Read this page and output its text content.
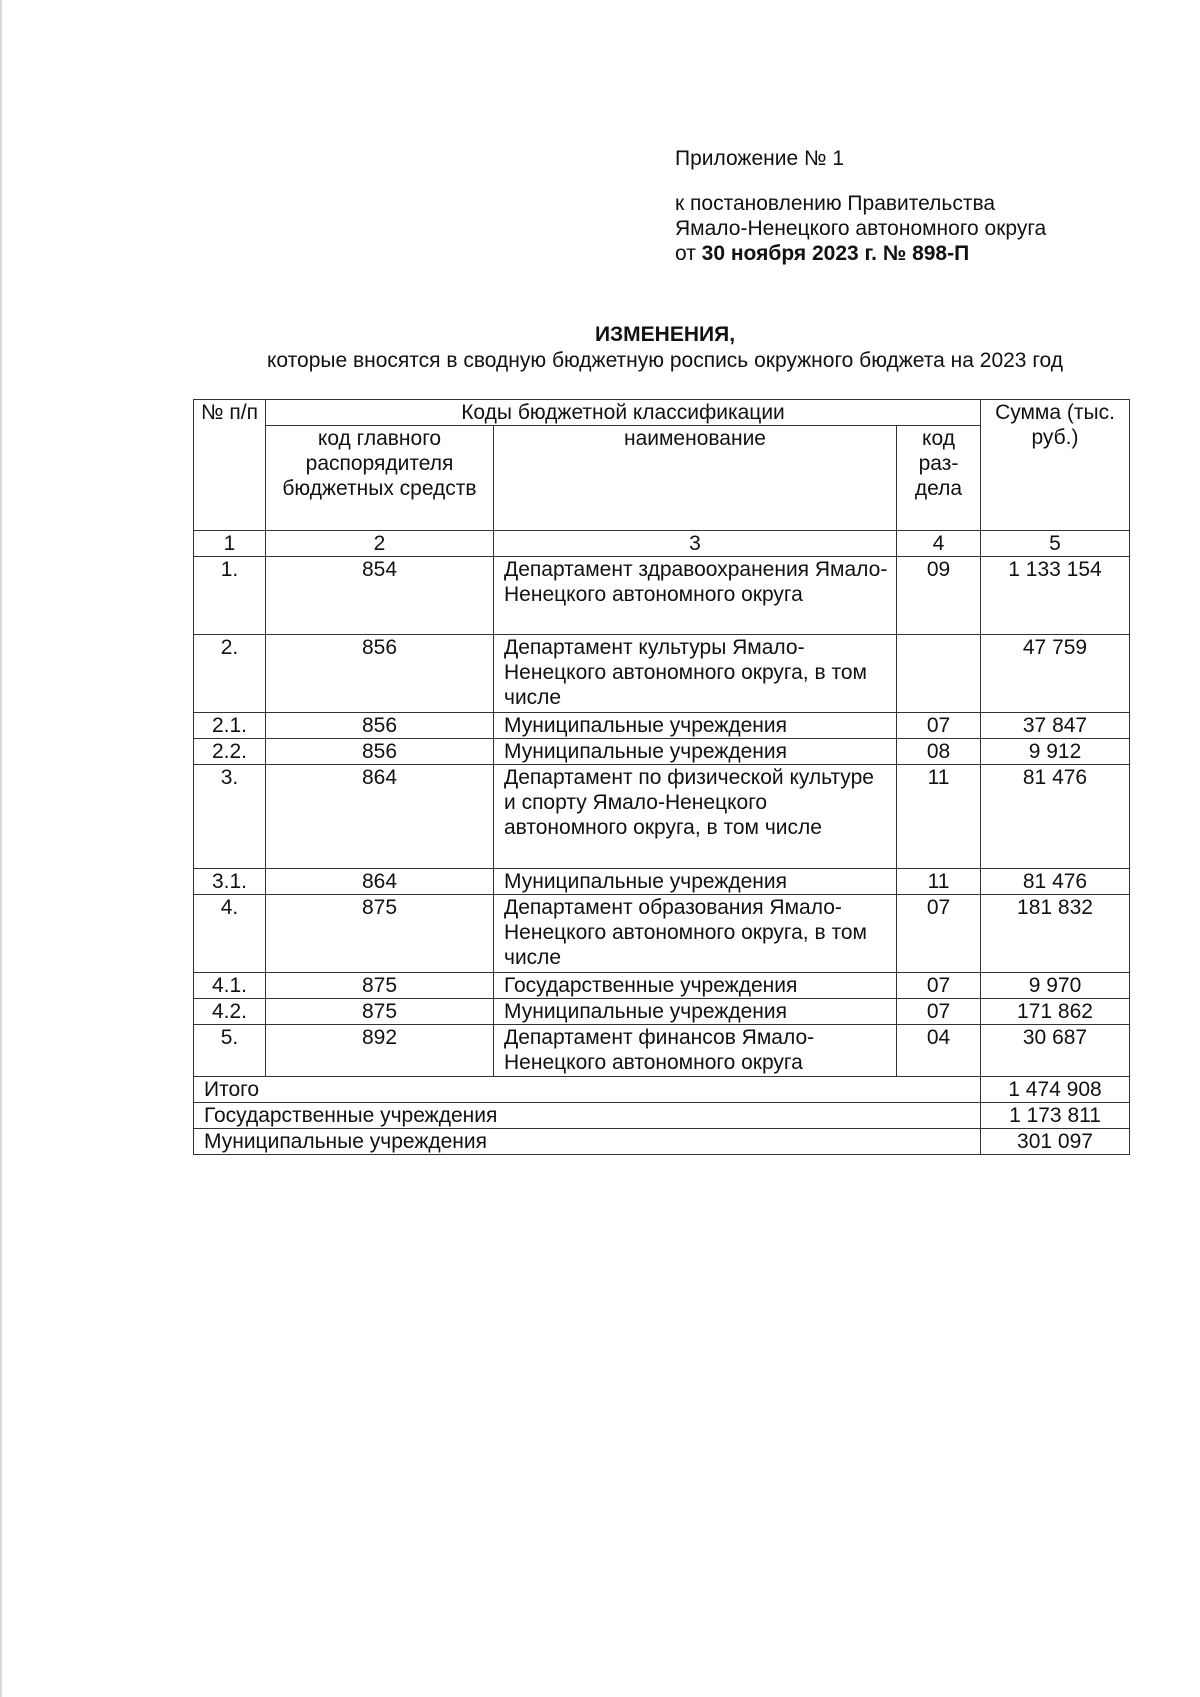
Приложение № 1
к постановлению Правительства
Ямало-Ненецкого автономного округа
от 30 ноября 2023 г. № 898-П
ИЗМЕНЕНИЯ,
которые вносятся в сводную бюджетную роспись окружного бюджета на 2023 год
№ п/п	Коды бюджетной классификации			Сумма (тыс. руб.)
	код главного распорядителя бюджетных средств	наименование	код раз-дела	
1	2	3	4	5
1.	854	Департамент здравоохранения Ямало-Ненецкого автономного округа	09	1 133 154
2.	856	Департамент культуры Ямало-Ненецкого автономного округа, в том числе		47 759
2.1.	856	Муниципальные учреждения	07	37 847
2.2.	856	Муниципальные учреждения	08	9 912
3.	864	Департамент по физической культуре и спорту Ямало-Ненецкого автономного округа, в том числе	11	81 476
3.1.	864	Муниципальные учреждения	11	81 476
4.	875	Департамент образования Ямало-Ненецкого автономного округа, в том числе	07	181 832
4.1.	875	Государственные учреждения	07	9 970
4.2.	875	Муниципальные учреждения	07	171 862
5.	892	Департамент финансов Ямало-Ненецкого автономного округа	04	30 687
Итого				1 474 908
Государственные учреждения				1 173 811
Муниципальные учреждения				301 097
